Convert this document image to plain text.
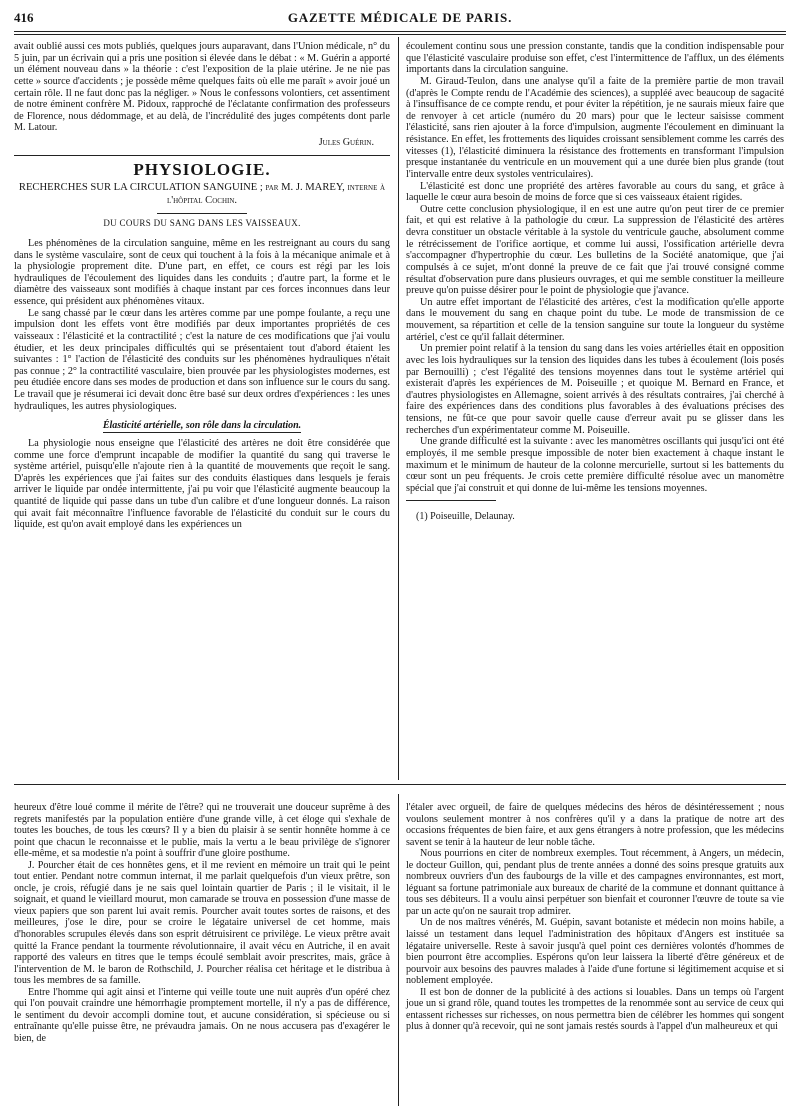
416	GAZETTE MÉDICALE DE PARIS.

avait oublié aussi ces mots publiés, quelques jours auparavant, dans l'Union médicale, n° du 5 juin, par un écrivain qui a pris une position si élevée dans le débat : « M. Guérin a apporté un élément nouveau dans » la théorie : c'est l'exposition de la plaie utérine. Je ne nie pas cette » source d'accidents ; je possède même quelques faits où elle me paraît » avoir joué un certain rôle. Il ne faut donc pas la négliger. » Nous le confessons volontiers, cet assentiment de notre éminent confrère M. Pidoux, rapproché de l'éclatante confirmation des professeurs de Florence, nous dédommage, et au delà, de l'incrédulité des juges compétents dont parle M. Latour.

Jules Guérin.
PHYSIOLOGIE.
RECHERCHES SUR LA CIRCULATION SANGUINE ; par M. J. MAREY, interne à l'hôpital Cochin.
DU COURS DU SANG DANS LES VAISSEAUX.

Les phénomènes de la circulation sanguine, même en les restreignant au cours du sang dans le système vasculaire, sont de ceux qui touchent à la fois à la mécanique animale et à la physiologie proprement dite. D'une part, en effet, ce cours est régi par les lois hydrauliques de l'écoulement des liquides dans les conduits ; d'autre part, la forme et le diamètre des vaisseaux sont modifiés à chaque instant par ces forces inconnues dans leur essence, qui président aux phénomènes vitaux.

Le sang chassé par le cœur dans les artères comme par une pompe foulante, a reçu une impulsion dont les effets vont être modifiés par deux importantes propriétés de ces vaisseaux : l'élasticité et la contractilité ; c'est la nature de ces modifications que j'ai voulu étudier, et les deux principales difficultés qui se présentaient tout d'abord étaient les suivantes : 1° l'action de l'élasticité des conduits sur les phénomènes hydrauliques n'était pas connue ; 2° la contractilité vasculaire, bien prouvée par les physiologistes modernes, est peu étudiée encore dans ses modes de production et dans son influence sur le cours du sang. Le travail que je résumerai ici devait donc être basé sur deux ordres d'expériences : les unes hydrauliques, les autres physiologiques.

Élasticité artérielle, son rôle dans la circulation.

La physiologie nous enseigne que l'élasticité des artères ne doit être considérée que comme une force d'emprunt incapable de modifier la quantité du sang qui traverse le système artériel, puisqu'elle n'ajoute rien à la quantité de mouvements que reçoit le sang. D'après les expériences que j'ai faites sur des conduits élastiques dans lesquels je ferais arriver le liquide par ondée intermittente, j'ai pu voir que l'élasticité augmente beaucoup la quantité de liquide qui passe dans un tube d'un calibre et d'une longueur donnés. La raison qui avait fait méconnaître l'influence favorable de l'élasticité du conduit sur le cours du liquide, est qu'on avait employé dans les expériences un

écoulement continu sous une pression constante, tandis que la condition indispensable pour que l'élasticité vasculaire produise son effet, c'est l'intermittence de l'afflux, un des éléments importants dans la circulation sanguine.

M. Giraud-Teulon, dans une analyse qu'il a faite de la première partie de mon travail (d'après le Compte rendu de l'Académie des sciences), a suppléé avec beaucoup de sagacité à l'insuffisance de ce compte rendu, et pour éviter la répétition, je ne saurais mieux faire que de renvoyer à cet article (numéro du 20 mars) pour que le lecteur saisisse comment l'élasticité, sans rien ajouter à la force d'impulsion, augmente l'écoulement en diminuant la résistance. En effet, les frottements des liquides croissant sensiblement comme les carrés des vitesses (1), l'élasticité diminuera la résistance des frottements en transformant l'impulsion presque instantanée du ventricule en un mouvement qui a une durée bien plus grande (tout l'intervalle entre deux systoles ventriculaires).

L'élasticité est donc une propriété des artères favorable au cours du sang, et grâce à laquelle le cœur aura besoin de moins de force que si ces vaisseaux étaient rigides.

Outre cette conclusion physiologique, il en est une autre qu'on peut tirer de ce premier fait, et qui est relative à la pathologie du cœur. La suppression de l'élasticité des artères devra constituer un obstacle véritable à la systole du ventricule gauche, absolument comme le rétrécissement de l'orifice aortique, et comme lui aussi, l'ossification artérielle devra s'accompagner d'hypertrophie du cœur. Les bulletins de la Société anatomique, que j'ai compulsés à ce sujet, m'ont donné la preuve de ce fait que j'ai trouvé consigné comme résultat d'observation pure dans plusieurs ouvrages, et qui me semble constituer la meilleure preuve qu'on puisse désirer pour le point de physiologie que j'avance.

Un autre effet important de l'élasticité des artères, c'est la modification qu'elle apporte dans le mouvement du sang en chaque point du tube. Le mode de transmission de ce mouvement, sa répartition et celle de la tension sanguine sur toute la longueur du système artériel, c'est ce qu'il fallait déterminer.

Un premier point relatif à la tension du sang dans les voies artérielles était en opposition avec les lois hydrauliques sur la tension des liquides dans les tubes à écoulement (lois posés par Bernouilli) ; c'est l'égalité des tensions moyennes dans tout le système artériel qui existerait d'après les expériences de M. Poiseuille ; et quoique M. Bernard en France, et d'autres physiologistes en Allemagne, soient arrivés à des résultats contraires, j'ai cherché à faire des expériences dans des conditions plus favorables à des évaluations précises des tensions, ne fût-ce que pour savoir quelle cause d'erreur avait pu se glisser dans les recherches d'un expérimentateur comme M. Poiseuille.

Une grande difficulté est la suivante : avec les manomètres oscillants qui jusqu'ici ont été employés, il me semble presque impossible de noter bien exactement à chaque instant le maximum et le minimum de hauteur de la colonne mercurielle, surtout si les battements du cœur sont un peu fréquents. Je crois cette première difficulté résolue avec un manomètre spécial que j'ai construit et qui donne de lui-même les tensions moyennes.

(1) Poiseuille, Delaunay.

heureux d'être loué comme il mérite de l'être? qui ne trouverait une douceur suprême à des regrets manifestés par la population entière d'une grande ville, à cet éloge qui s'exhale de toutes les bouches, de tous les cœurs? Il y a bien du plaisir à se sentir honnête homme à ce point que chacun le reconnaisse et le publie, mais la vertu a le beau privilège de s'ignorer elle-même, et sa modestie n'a point à souffrir d'une gloire posthume.

J. Pourcher était de ces honnêtes gens, et il me revient en mémoire un trait qui le peint tout entier. Pendant notre commun internat, il me parlait quelquefois d'un vieux prêtre, son oncle, je crois, réfugié dans je ne sais quel lointain quartier de Paris ; il le visitait, il le soignait, et quand le vieillard mourut, mon camarade se trouva en possession d'une masse de vieux papiers que son parent lui avait remis. Pourcher avait toutes sortes de raisons, et des meilleures, j'ose le dire, pour se croire le légataire universel de cet homme, mais d'honorables scrupules élevés dans son esprit détruisirent ce privilège. Le vieux prêtre avait quitté la France pendant la tourmente révolutionnaire, il avait vécu en Autriche, il en avait rapporté des valeurs en titres que le temps écoulé semblait avoir prescrites, mais, grâce à l'intervention de M. le baron de Rothschild, J. Pourcher réalisa cet héritage et le distribua à tous les membres de sa famille.

Entre l'homme qui agit ainsi et l'interne qui veille toute une nuit auprès d'un opéré chez qui l'on pouvait craindre une hémorrhagie promptement mortelle, il n'y a pas de différence, le sentiment du devoir accompli domine tout, et aucune considération, si spécieuse ou si entraînante qu'elle puisse être, ne prévaudra jamais. On ne nous accusera pas d'exagérer le bien, de

l'étaler avec orgueil, de faire de quelques médecins des héros de désintéressement ; nous voulons seulement montrer à nos confrères qu'il y a dans la pratique de notre art des occasions fréquentes de bien faire, et aux gens étrangers à notre profession, que les médecins savent se tenir à la hauteur de leur noble tâche.

Nous pourrions en citer de nombreux exemples. Tout récemment, à Angers, un médecin, le docteur Guillon, qui, pendant plus de trente années a donné des soins presque gratuits aux nombreux ouvriers d'un des faubourgs de la ville et des campagnes environnantes, est mort, léguant sa fortune patrimoniale aux bureaux de charité de la commune et donnant quittance à tous ses débiteurs. Il a voulu ainsi perpétuer son bienfait et couronner l'œuvre de toute sa vie par un acte qu'on ne saurait trop admirer.

Un de nos maîtres vénérés, M. Guépin, savant botaniste et médecin non moins habile, a laissé un testament dans lequel l'administration des hôpitaux d'Angers est instituée sa légataire universelle. Reste à savoir jusqu'à quel point ces dernières volontés d'hommes de bien pourront être accomplies. Espérons qu'on leur laissera la liberté d'être généreux et de pourvoir aux besoins des pauvres malades à l'aide d'une fortune si légitimement acquise et si noblement employée.

Il est bon de donner de la publicité à des actions si louables. Dans un temps où l'argent joue un si grand rôle, quand toutes les trompettes de la renommée sont au service de ceux qui entassent richesses sur richesses, on nous permettra bien de célébrer les hommes qui songent plus à donner qu'à recevoir, qui ne sont jamais restés sourds à l'appel d'un malheureux et qui
